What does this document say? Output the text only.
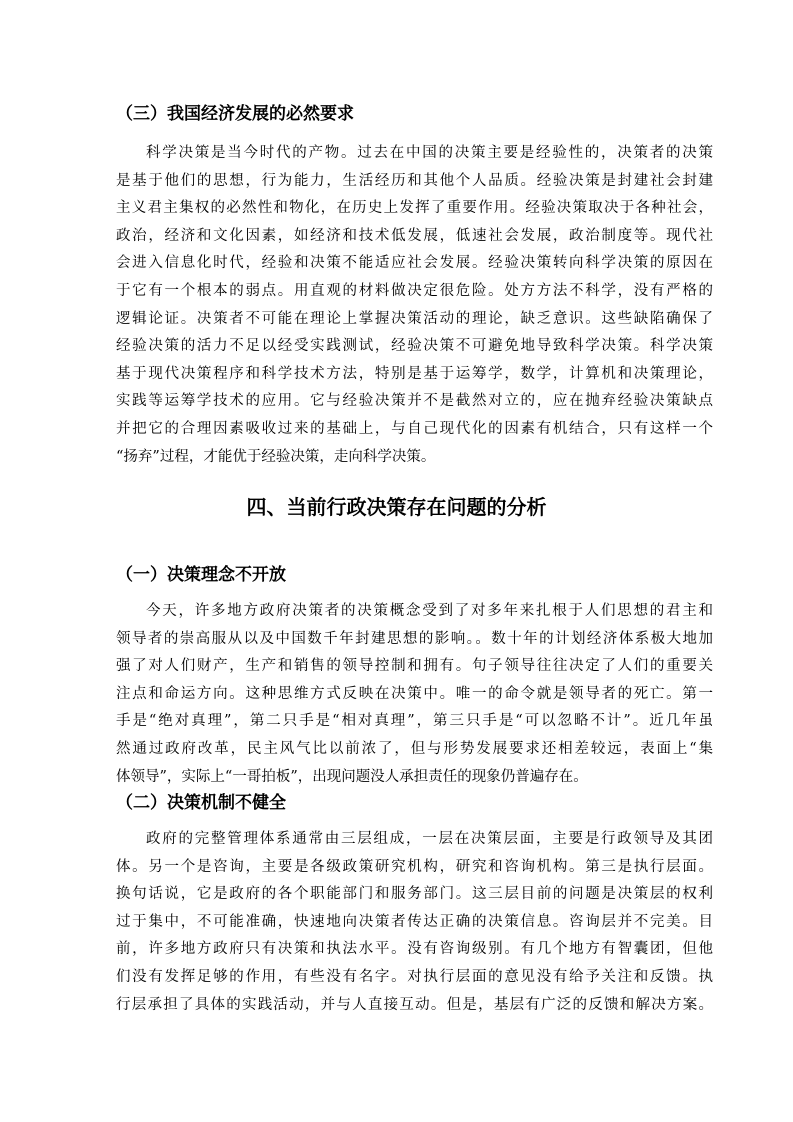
（三）我国经济发展的必然要求
科学决策是当今时代的产物。过去在中国的决策主要是经验性的，决策者的决策
是基于他们的思想，行为能力，生活经历和其他个人品质。经验决策是封建社会封建
主义君主集权的必然性和物化，在历史上发挥了重要作用。经验决策取决于各种社会，
政治，经济和文化因素，如经济和技术低发展，低速社会发展，政治制度等。现代社
会进入信息化时代，经验和决策不能适应社会发展。经验决策转向科学决策的原因在
于它有一个根本的弱点。用直观的材料做决定很危险。处方方法不科学，没有严格的
逻辑论证。决策者不可能在理论上掌握决策活动的理论，缺乏意识。这些缺陷确保了
经验决策的活力不足以经受实践测试，经验决策不可避免地导致科学决策。科学决策
基于现代决策程序和科学技术方法，特别是基于运筹学，数学，计算机和决策理论，
实践等运筹学技术的应用。它与经验决策并不是截然对立的，应在抛弃经验决策缺点
并把它的合理因素吸收过来的基础上，与自己现代化的因素有机结合，只有这样一个
“扬弃”过程，才能优于经验决策，走向科学决策。
四、当前行政决策存在问题的分析
（一）决策理念不开放
今天，许多地方政府决策者的决策概念受到了对多年来扎根于人们思想的君主和
领导者的崇高服从以及中国数千年封建思想的影响。。数十年的计划经济体系极大地加
强了对人们财产，生产和销售的领导控制和拥有。句子领导往往决定了人们的重要关
注点和命运方向。这种思维方式反映在决策中。唯一的命令就是领导者的死亡。第一
手是“绝对真理”，第二只手是“相对真理”，第三只手是“可以忽略不计”。近几年虽
然通过政府改革，民主风气比以前浓了，但与形势发展要求还相差较远，表面上“集
体领导”，实际上“一哥拍板”，出现问题没人承担责任的现象仍普遍存在。
（二）决策机制不健全
政府的完整管理体系通常由三层组成，一层在决策层面，主要是行政领导及其团
体。另一个是咨询，主要是各级政策研究机构，研究和咨询机构。第三是执行层面。
换句话说，它是政府的各个职能部门和服务部门。这三层目前的问题是决策层的权利
过于集中，不可能准确，快速地向决策者传达正确的决策信息。咨询层并不完美。目
前，许多地方政府只有决策和执法水平。没有咨询级别。有几个地方有智囊团，但他
们没有发挥足够的作用，有些没有名字。对执行层面的意见没有给予关注和反馈。执
行层承担了具体的实践活动，并与人直接互动。但是，基层有广泛的反馈和解决方案。
